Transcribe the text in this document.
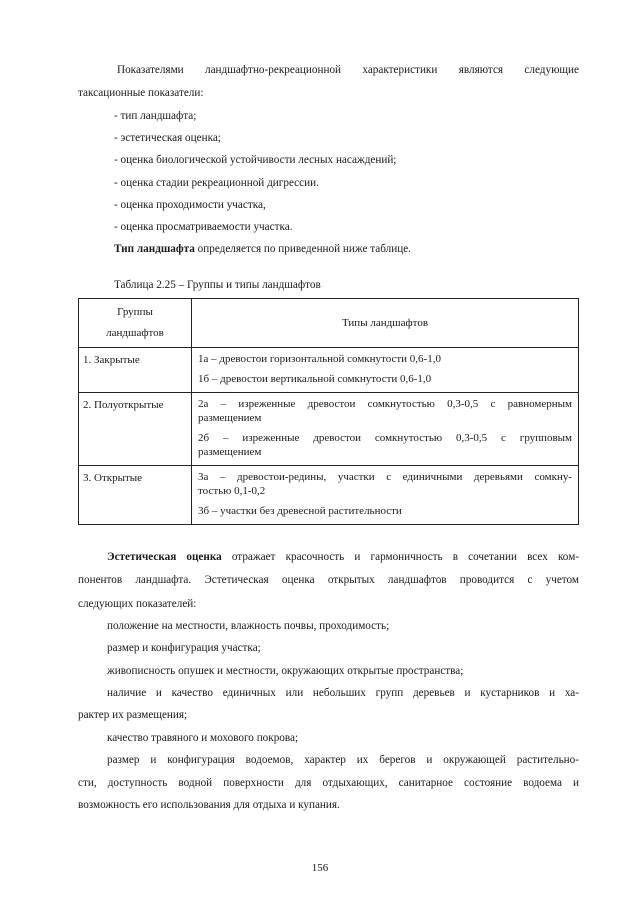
Показателями ландшафтно-рекреационной характеристики являются следующие
таксационные показатели:
- тип ландшафта;
- эстетическая оценка;
- оценка биологической устойчивости лесных насаждений;
- оценка стадии рекреационной дигрессии.
- оценка проходимости участка,
- оценка просматриваемости участка.
Тип ландшафта определяется по приведенной ниже таблице.
Таблица 2.25 – Группы и типы ландшафтов
Группы
ландшафтов	Типы ландшафтов
1. Закрытые	1а – древостои горизонтальной сомкнутости 0,6-1,0
1б – древостои вертикальной сомкнутости 0,6-1,0

2. Полуоткрытые	2а – изреженные древостои сомкнутостью 0,3-0,5 с равномерным
размещением
2б – изреженные древостои сомкнутостью 0,3-0,5 с групповым
размещением

3. Открытые	3а – древостои-редины, участки с единичными деревьями сомкну-
тостью 0,1-0,2
3б – участки без древесной растительности
Эстетическая оценка отражает красочность и гармоничность в сочетании всех ком-
понентов ландшафта. Эстетическая оценка открытых ландшафтов проводится с учетом
следующих показателей:
положение на местности, влажность почвы, проходимость;
размер и конфигурация участка;
живописность опушек и местности, окружающих открытые пространства;
наличие и качество единичных или небольших групп деревьев и кустарников и ха-
рактер их размещения;
качество травяного и мохового покрова;
размер и конфигурация водоемов, характер их берегов и окружающей растительно-
сти, доступность водной поверхности для отдыхающих, санитарное состояние водоема и
возможность его использования для отдыха и купания.
156
